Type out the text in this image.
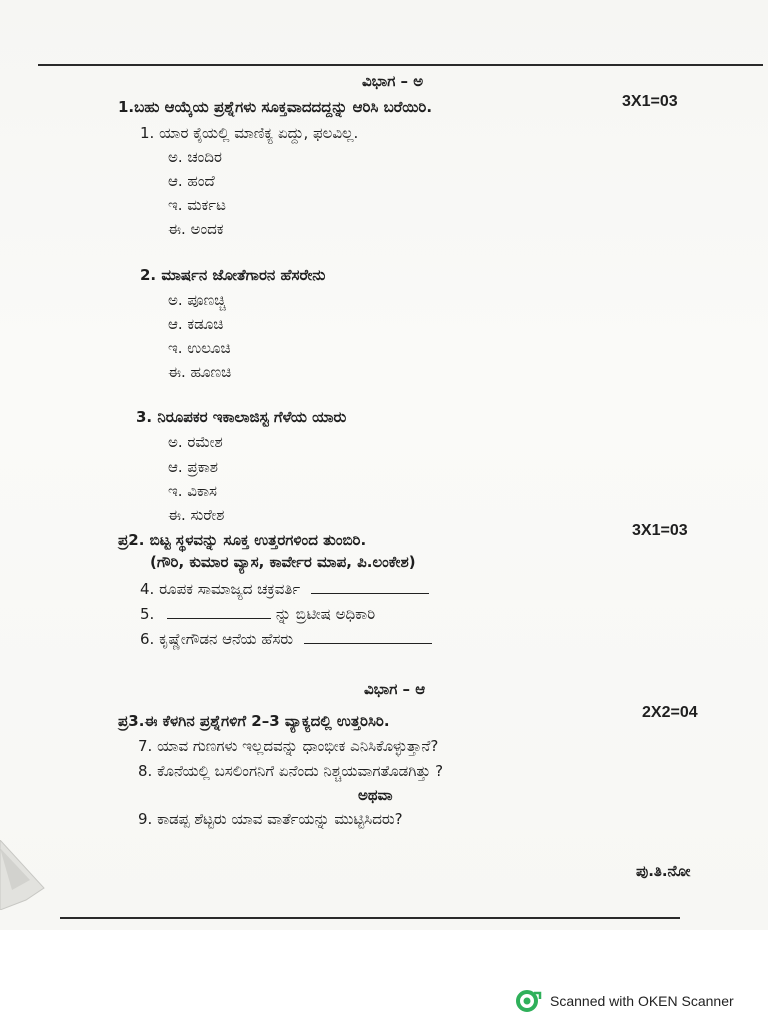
ವಿಭಾಗ – ಅ
1.ಬಹು ಆಯ್ಕೆಯ ಪ್ರಶ್ನೆಗಳು ಸೂಕ್ತವಾದದದ್ದನ್ನು ಆರಿಸಿ ಬರೆಯಿರಿ.	3X1=03
1. ಯಾರ ಕೈಯಲ್ಲಿ ಮಾಣಿಕ್ಯ ಏದ್ದು, ಫಲವಿಲ್ಲ.
ಅ. ಚಂದಿರ
ಆ. ಹಂದೆ
ಇ. ಮರ್ಕಟ
ಈ. ಅಂದಕ
2. ಮಾರ್ಷನ ಜೋತೆಗಾರನ ಹೆಸರೇನು
ಅ. ಪೂಣಚ್ಚಿ
ಆ. ಕಡೂಚಿ
ಇ. ಉಲೂಚಿ
ಈ. ಹೂಣಚಿ
3. ನಿರೂಪಕರ ಇಕಾಲಾಜಿಸ್ಟ ಗೆಳೆಯ ಯಾರು
ಅ. ರಮೇಶ
ಆ. ಪ್ರಕಾಶ
ಇ. ವಿಕಾಸ
ಈ. ಸುರೇಶ
ಪ್ರ2. ಬಿಟ್ಟ ಸ್ಥಳವನ್ನು ಸೂಕ್ತ ಉತ್ತರಗಳಿಂದ ತುಂಬಿರಿ.
3X1=03
(ಗೌರಿ, ಕುಮಾರ ವ್ಯಾಸ, ಕಾರ್ವೇರ ಮಾಪ, ಪಿ.ಲಂಕೇಶ)
4. ರೂಪಕ ಸಾಮಾಜ್ಯದ ಚಕ್ರವರ್ತಿ
5.	ನ್ನು ಬ್ರಿಟೀಷ ಅಧಿಕಾರಿ
6. ಕೃಷ್ಣೇಗೌಡನ ಆನೆಯ ಹೆಸರು
ವಿಭಾಗ – ಆ
ಪ್ರ3.ಈ ಕೆಳಗಿನ ಪ್ರಶ್ನೆಗಳಿಗೆ 2–3 ವ್ಯಾಕ್ಯದಲ್ಲಿ ಉತ್ತರಿಸಿರಿ.	2X2=04
7. ಯಾವ ಗುಣಗಳು ಇಲ್ಲದವನ್ನು ಧಾಂಭೀಕ ಎನಿಸಿಕೊಳ್ಳುತ್ತಾನೆ?
8. ಕೊನೆಯಲ್ಲಿ ಬಸಲಿಂಗನಿಗೆ ಏನೆಂದು ನಿಶ್ಚಯವಾಗತೊಡಗಿತ್ತು ?
ಅಥವಾ
9. ಕಾಡಪ್ಪ ಶೆಟ್ಟರು ಯಾವ ವಾರ್ತೆಯನ್ನು ಮುಟ್ಟಿಸಿದರು?
ಪು.ತಿ.ನೋ
Scanned with OKEN Scanner
